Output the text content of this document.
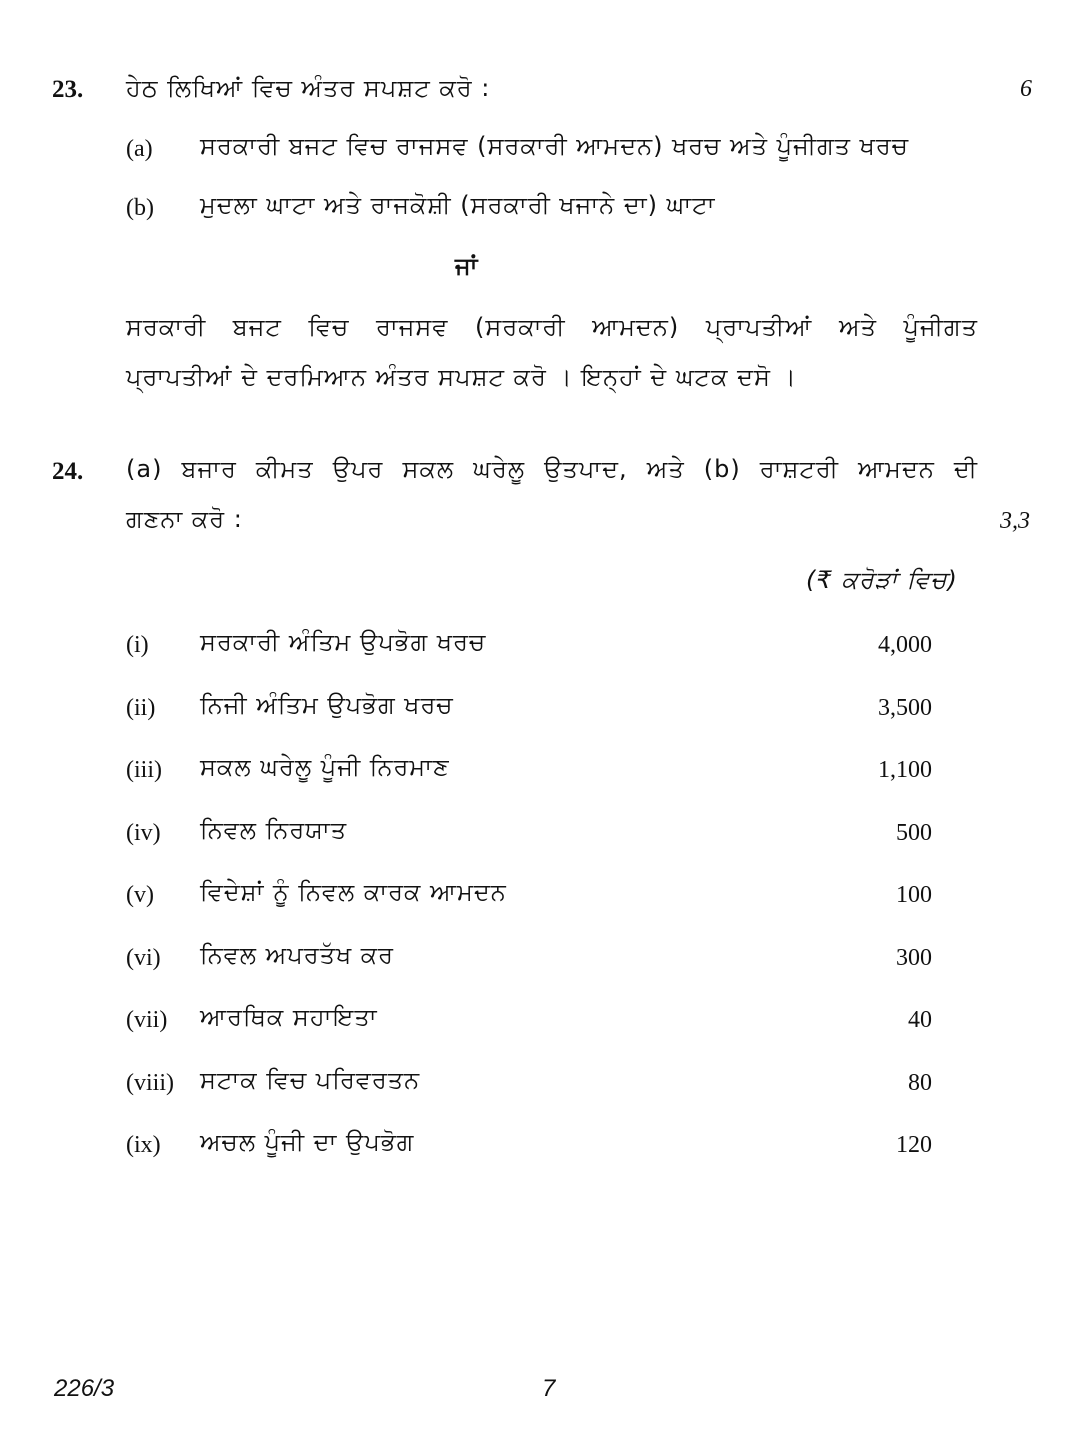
23. ਹੇਠ ਲਿਖਿਆਂ ਵਿਚ ਅੰਤਰ ਸਪਸ਼ਟ ਕਰੋ :	6
(a) ਸਰਕਾਰੀ ਬਜਟ ਵਿਚ ਰਾਜਸਵ (ਸਰਕਾਰੀ ਆਮਦਨ) ਖਰਚ ਅਤੇ ਪੂੰਜੀਗਤ ਖਰਚ
(b) ਮੁਦਲਾ ਘਾਟਾ ਅਤੇ ਰਾਜਕੋਸ਼ੀ (ਸਰਕਾਰੀ ਖਜਾਨੇ ਦਾ) ਘਾਟਾ
ਜਾਂ
ਸਰਕਾਰੀ ਬਜਟ ਵਿਚ ਰਾਜਸਵ (ਸਰਕਾਰੀ ਆਮਦਨ) ਪ੍ਰਾਪਤੀਆਂ ਅਤੇ ਪੂੰਜੀਗਤ
ਪ੍ਰਾਪਤੀਆਂ ਦੇ ਦਰਮਿਆਨ ਅੰਤਰ ਸਪਸ਼ਟ ਕਰੋ । ਇਨ੍ਹਾਂ ਦੇ ਘਟਕ ਦਸੋ ।
24. (a) ਬਜਾਰ ਕੀਮਤ ਉਪਰ ਸਕਲ ਘਰੇਲੂ ਉਤਪਾਦ, ਅਤੇ (b) ਰਾਸ਼ਟਰੀ ਆਮਦਨ ਦੀ
ਗਣਨਾ ਕਰੋ :	3,3
(₹ ਕਰੋੜਾਂ ਵਿਚ)
(i) ਸਰਕਾਰੀ ਅੰਤਿਮ ਉਪਭੋਗ ਖਰਚ	4,000
(ii) ਨਿਜੀ ਅੰਤਿਮ ਉਪਭੋਗ ਖਰਚ	3,500
(iii) ਸਕਲ ਘਰੇਲੂ ਪੂੰਜੀ ਨਿਰਮਾਣ	1,100
(iv) ਨਿਵਲ ਨਿਰਯਾਤ	500
(v) ਵਿਦੇਸ਼ਾਂ ਨੂੰ ਨਿਵਲ ਕਾਰਕ ਆਮਦਨ	100
(vi) ਨਿਵਲ ਅਪਰਤੱਖ ਕਰ	300
(vii) ਆਰਥਿਕ ਸਹਾਇਤਾ	40
(viii) ਸਟਾਕ ਵਿਚ ਪਰਿਵਰਤਨ	80
(ix) ਅਚਲ ਪੂੰਜੀ ਦਾ ਉਪਭੋਗ	120
226/3	7
